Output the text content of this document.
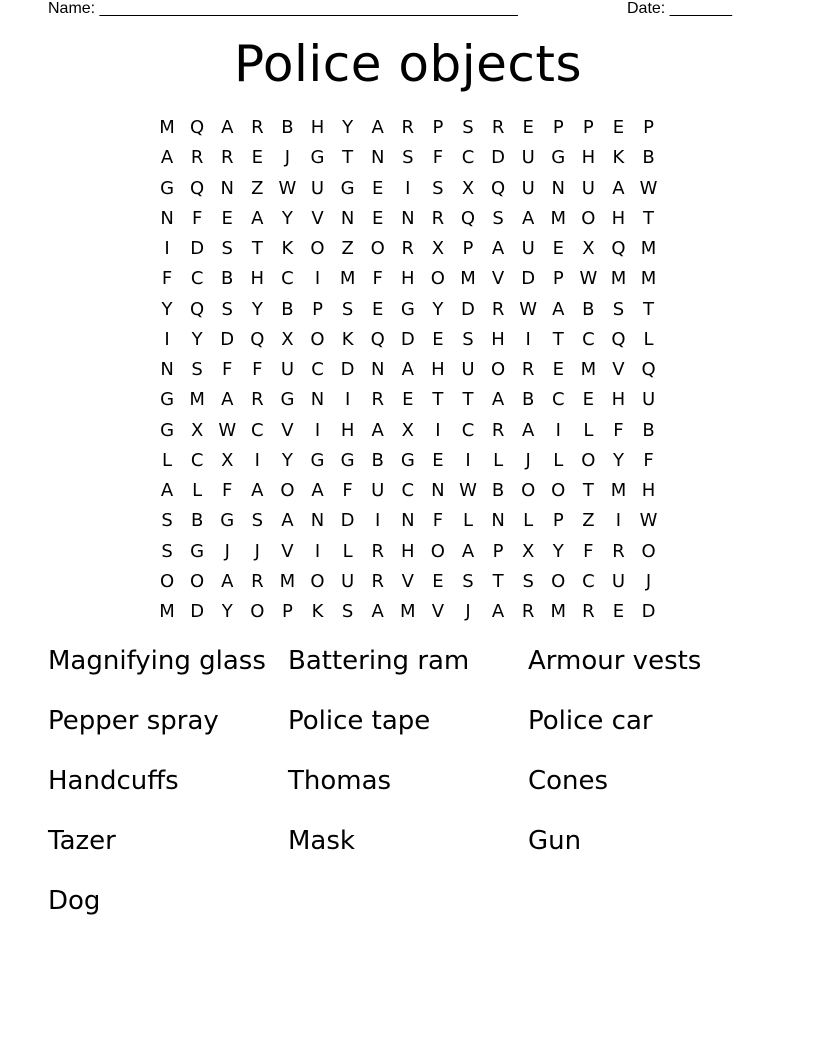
Name: _______________________________________________	Date: _______
Police objects
M Q A R B H Y	A R	P	S	R	E	P	P	E	P
A R R	E	J	G T N S	F	C D U G H K	B
G Q N Z W U G E	I	S	X Q U N U A W
N	F	E	A	Y	V N E N R Q S	A M O H T
I	D S	T	K O Z O R X	P	A U E	X Q M
F	C B H C	I	M F	H O M V D P W M M
Y Q S	Y	B	P	S	E G Y D R W A B	S	T
I	Y D Q X O K Q D E	S H	I	T	C Q	L
N S	F	F	U C D N A H U O R	E M V Q
G M A R G N	I	R	E	T	T	A B C	E H U
G X W C V	I	H A X	I	C R A	I	L	F	B
L	C X	I	Y G G B G E	I	L	J	L O Y	F
A	L	F	A O A	F	U C N W B O O T M H
S	B G S	A N D	I	N	F	L	N	L	P	Z	I	W
S G	J	J	V	I	L	R H O A	P	X	Y	F	R O
O O A R M O U R V	E	S	T	S O C U	J
M D Y O P	K	S	A M V	J	A R M R	E D
Magnifying glass Battering ram	Armour vests
Pepper spray	Police tape	Police car
Handcuffs	Thomas	Cones
Tazer	Mask	Gun
Dog
